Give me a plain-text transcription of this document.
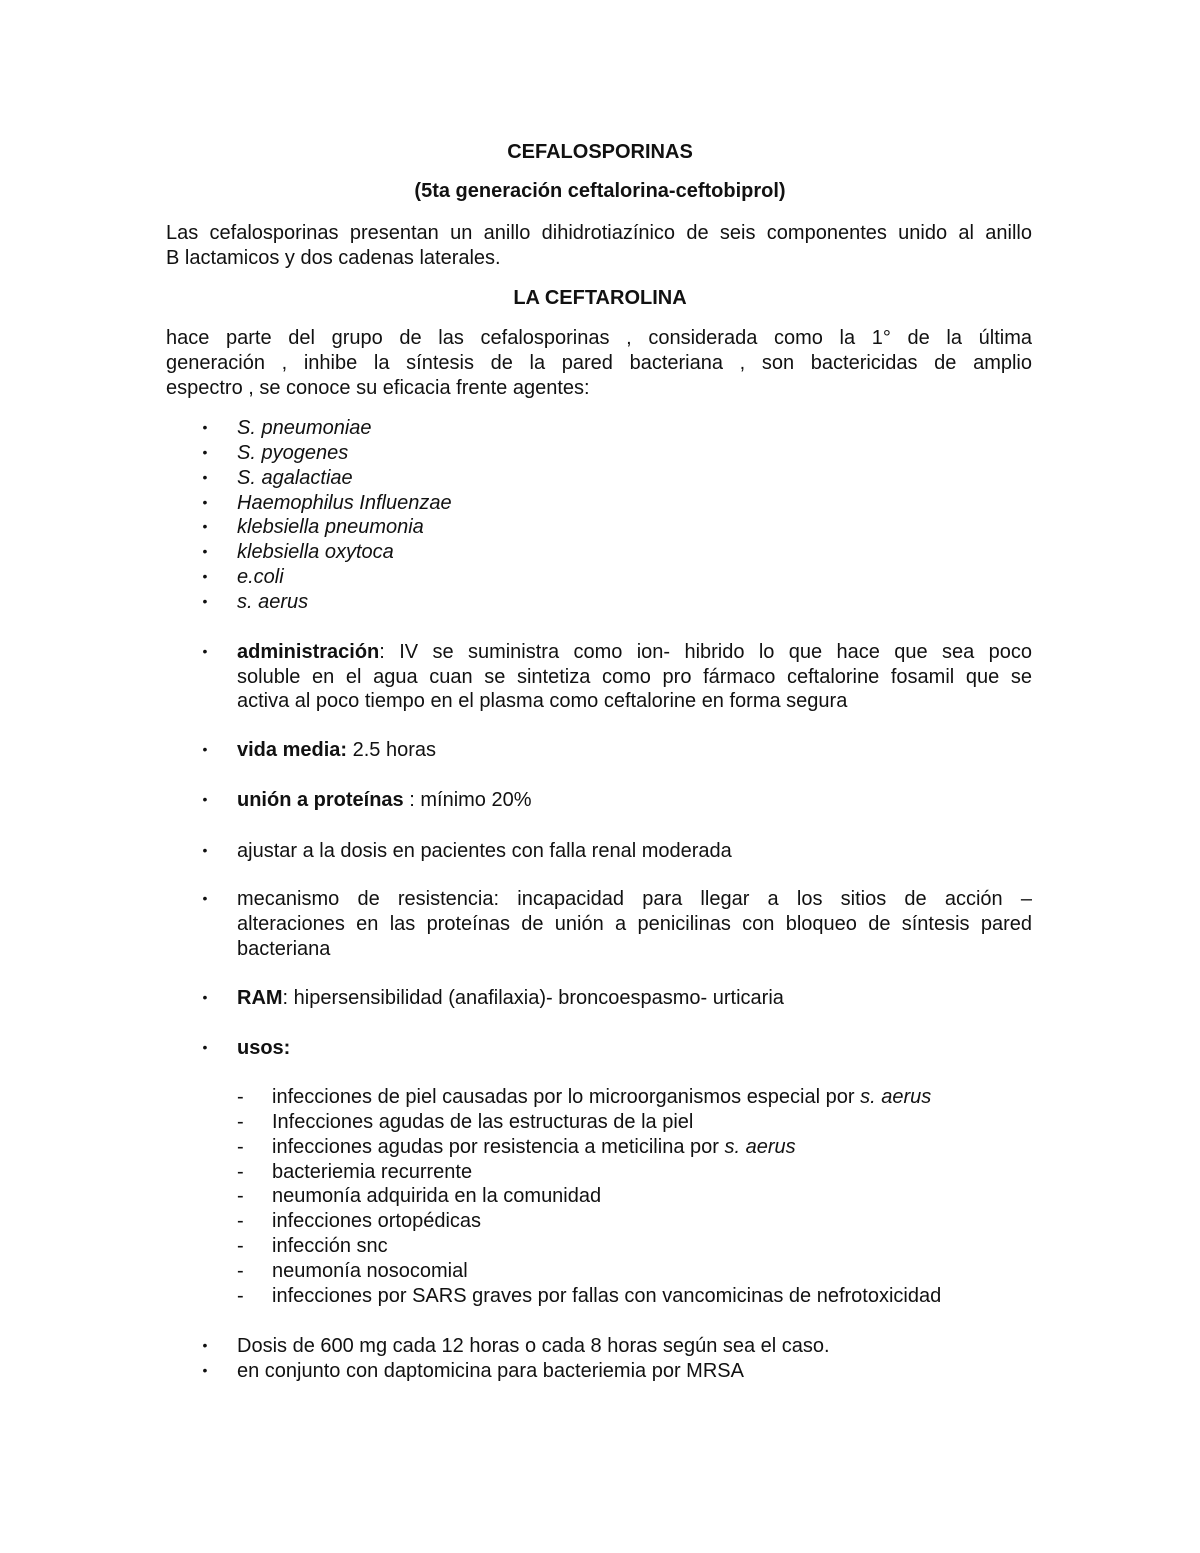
CEFALOSPORINAS
(5ta generación ceftalorina-ceftobiprol)
Las cefalosporinas presentan un anillo dihidrotiazínico de seis componentes unido al anillo
B lactamicos y dos cadenas laterales.
LA CEFTAROLINA
hace parte del grupo de las cefalosporinas , considerada como la 1° de la última
generación , inhibe la síntesis de la pared bacteriana , son bactericidas de amplio
espectro , se conoce su eficacia frente agentes:
• S. pneumoniae
• S. pyogenes
• S. agalactiae
• Haemophilus Influenzae
• klebsiella pneumonia
• klebsiella oxytoca
• e.coli
• s. aerus
• administración: IV se suministra como ion- hibrido lo que hace que sea poco
soluble en el agua cuan se sintetiza como pro fármaco ceftalorine fosamil que se
activa al poco tiempo en el plasma como ceftalorine en forma segura
• vida media: 2.5 horas
• unión a proteínas : mínimo 20%
• ajustar a la dosis en pacientes con falla renal moderada
• mecanismo de resistencia: incapacidad para llegar a los sitios de acción –
alteraciones en las proteínas de unión a penicilinas con bloqueo de síntesis pared
bacteriana
• RAM: hipersensibilidad (anafilaxia)- broncoespasmo- urticaria
• usos:
- infecciones de piel causadas por lo microorganismos especial por s. aerus
- Infecciones agudas de las estructuras de la piel
- infecciones agudas por resistencia a meticilina por s. aerus
- bacteriemia recurrente
- neumonía adquirida en la comunidad
- infecciones ortopédicas
- infección snc
- neumonía nosocomial
- infecciones por SARS graves por fallas con vancomicinas de nefrotoxicidad
• Dosis de 600 mg cada 12 horas o cada 8 horas según sea el caso.
• en conjunto con daptomicina para bacteriemia por MRSA
